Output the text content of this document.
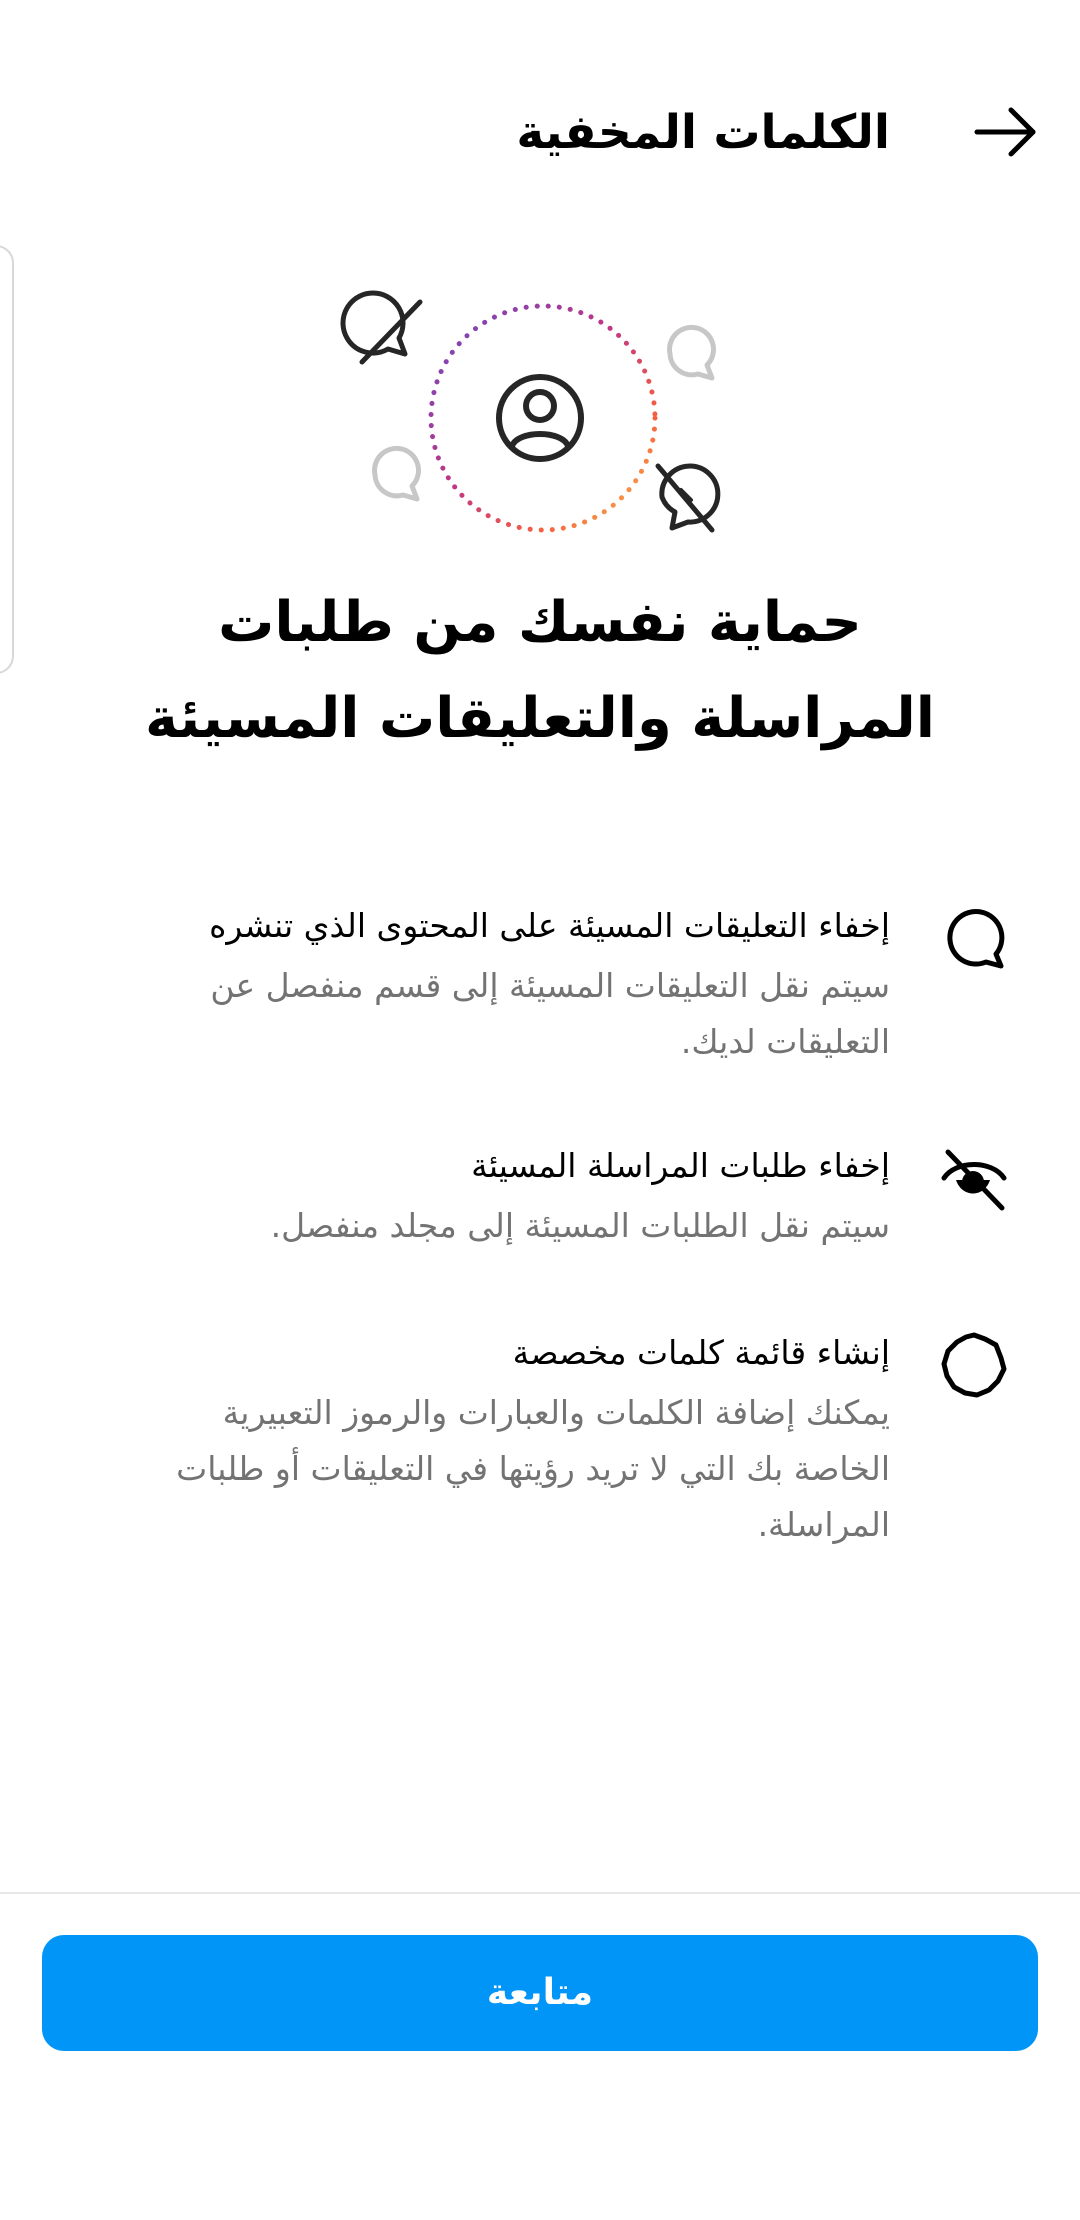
الكلمات المخفية
حماية نفسك من طلبات
المراسلة والتعليقات المسيئة
إخفاء التعليقات المسيئة على المحتوى الذي تنشره
سيتم نقل التعليقات المسيئة إلى قسم منفصل عن التعليقات لديك.
إخفاء طلبات المراسلة المسيئة
سيتم نقل الطلبات المسيئة إلى مجلد منفصل.
إنشاء قائمة كلمات مخصصة
يمكنك إضافة الكلمات والعبارات والرموز التعبيرية الخاصة بك التي لا تريد رؤيتها في التعليقات أو طلبات المراسلة.
متابعة
